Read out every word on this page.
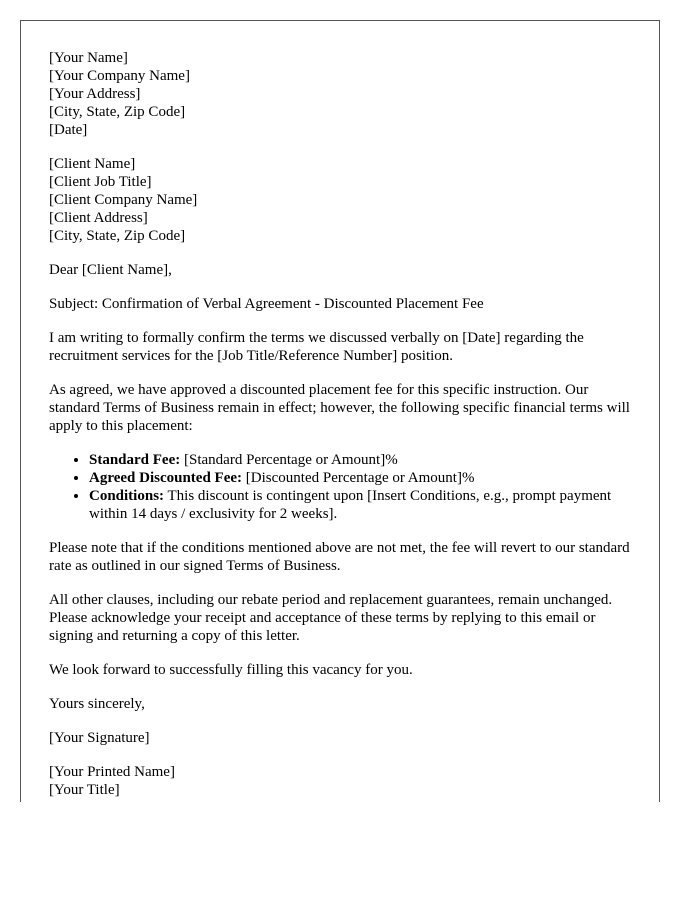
[Your Name]
[Your Company Name]
[Your Address]
[City, State, Zip Code]
[Date]
[Client Name]
[Client Job Title]
[Client Company Name]
[Client Address]
[City, State, Zip Code]

Dear [Client Name],

Subject: Confirmation of Verbal Agreement - Discounted Placement Fee

I am writing to formally confirm the terms we discussed verbally on [Date] regarding the recruitment services for the [Job Title/Reference Number] position.

As agreed, we have approved a discounted placement fee for this specific instruction. Our standard Terms of Business remain in effect; however, the following specific financial terms will apply to this placement:

• Standard Fee: [Standard Percentage or Amount]%
• Agreed Discounted Fee: [Discounted Percentage or Amount]%
• Conditions: This discount is contingent upon [Insert Conditions, e.g., prompt payment within 14 days / exclusivity for 2 weeks].

Please note that if the conditions mentioned above are not met, the fee will revert to our standard rate as outlined in our signed Terms of Business.

All other clauses, including our rebate period and replacement guarantees, remain unchanged. Please acknowledge your receipt and acceptance of these terms by replying to this email or signing and returning a copy of this letter.

We look forward to successfully filling this vacancy for you.

Yours sincerely,

[Your Signature]

[Your Printed Name]
[Your Title]
